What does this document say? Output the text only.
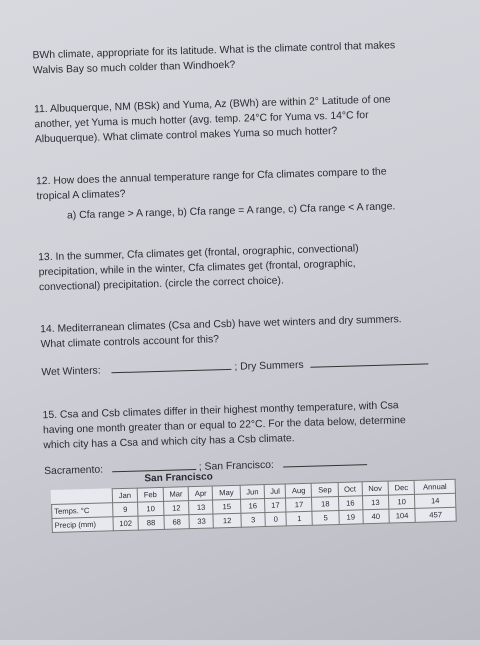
BWh climate, appropriate for its latitude. What is the climate control that makes

Walvis Bay so much colder than Windhoek?

11. Albuquerque, NM (BSk) and Yuma, Az (BWh) are within 2° Latitude of one

another, yet Yuma is much hotter (avg. temp. 24°C for Yuma vs. 14°C for

Albuquerque). What climate control makes Yuma so much hotter?

12. How does the annual temperature range for Cfa climates compare to the

tropical A climates?

a) Cfa range > A range, b) Cfa range = A range, c) Cfa range < A range.

13. In the summer, Cfa climates get (frontal, orographic, convectional)

precipitation, while in the winter, Cfa climates get (frontal, orographic,

convectional) precipitation. (circle the correct choice).

14. Mediterranean climates (Csa and Csb) have wet winters and dry summers.

What climate controls account for this?

Wet Winters:	; Dry Summers

15. Csa and Csb climates differ in their highest monthy temperature, with Csa

having one month greater than or equal to 22°C. For the data below, determine

which city has a Csa and which city has a Csb climate.

Sacramento:	; San Francisco:

San Francisco
	Jan	Feb	Mar	Apr	May	Jun	Jul	Aug	Sep	Oct	Nov	Dec	Annual
Temps. °C	9	10	12	13	15	16	17	17	18	16	13	10	14
Precip (mm)	102	88	68	33	12	3	0	1	5	19	40	104	457
